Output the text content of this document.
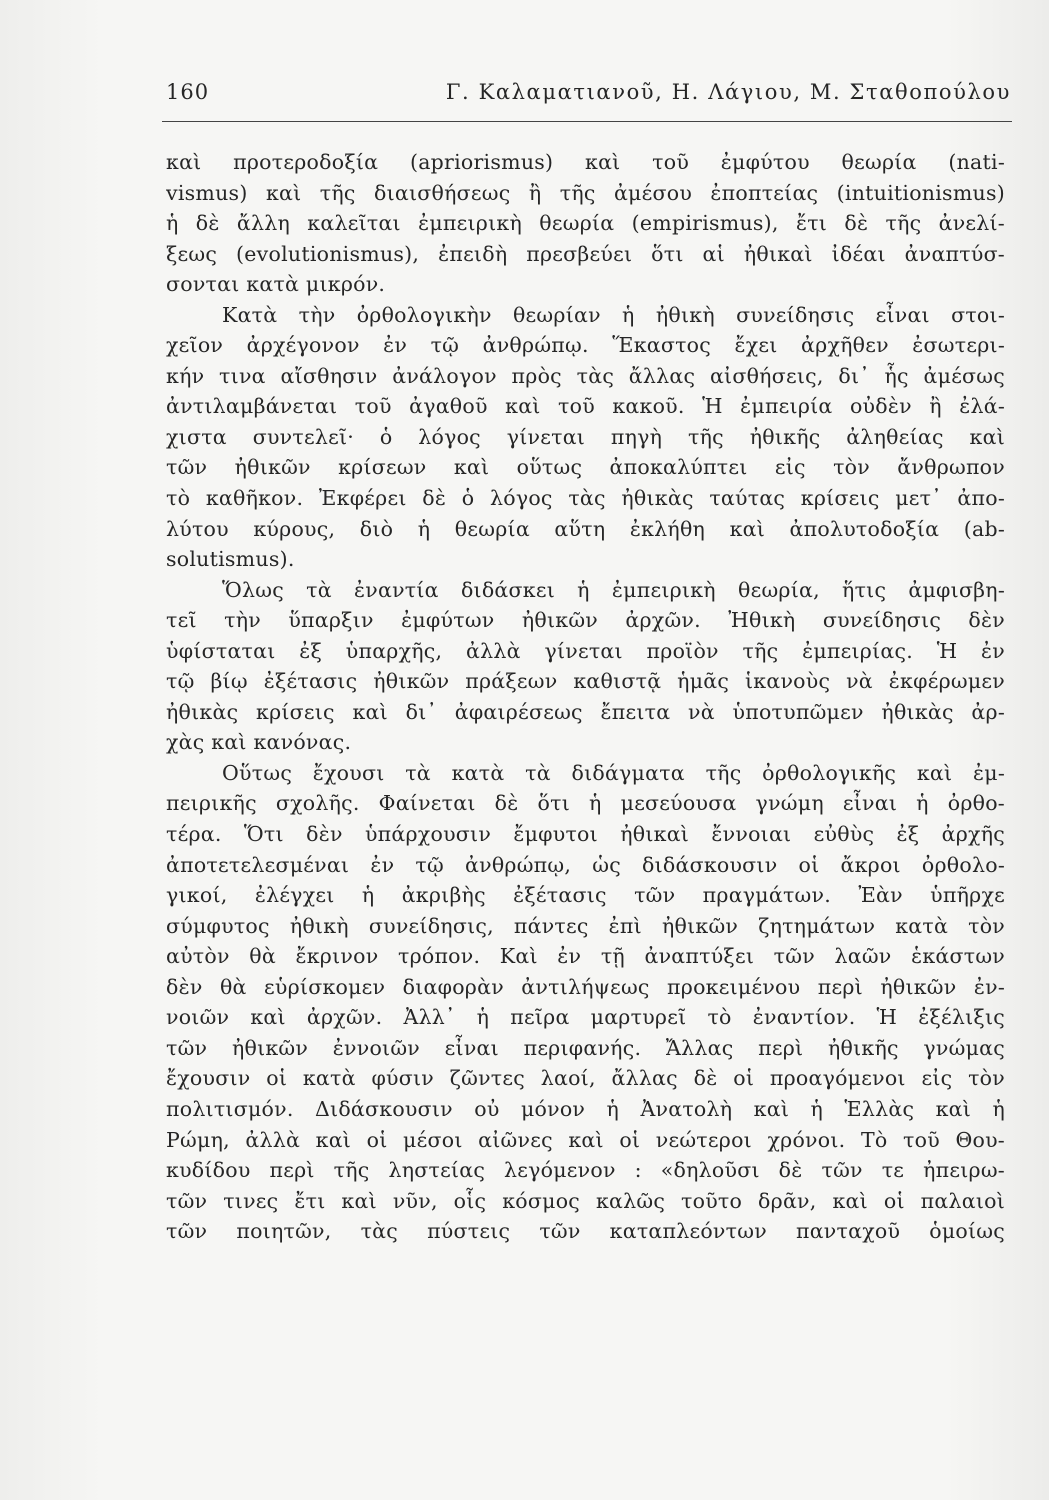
160	Γ. Καλαματιανοῦ, Η. Λάγιου, Μ. Σταθοπούλου
καὶ προτεροδοξία (apriorismus) καὶ τοῦ ἐμφύτου θεωρία (nati-
vismus) καὶ τῆς διαισθήσεως ἢ τῆς ἀμέσου ἐποπτείας (intuitionismus)
ἡ δὲ ἄλλη καλεῖται ἐμπειρικὴ θεωρία (empirismus), ἔτι δὲ τῆς ἀνελί-
ξεως (evolutionismus), ἐπειδὴ πρεσβεύει ὅτι αἱ ἠθικαὶ ἰδέαι ἀναπτύσ-
σονται κατὰ μικρόν.
Κατὰ τὴν ὀρθολογικὴν θεωρίαν ἡ ἠθικὴ συνείδησις εἶναι στοι-
χεῖον ἀρχέγονον ἐν τῷ ἀνθρώπῳ. Ἕκαστος ἔχει ἀρχῆθεν ἐσωτερι-
κήν τινα αἴσθησιν ἀνάλογον πρὸς τὰς ἄλλας αἰσθήσεις, δι᾽ ἧς ἀμέσως
ἀντιλαμβάνεται τοῦ ἀγαθοῦ καὶ τοῦ κακοῦ. Ἡ ἐμπειρία οὐδὲν ἢ ἐλά-
χιστα συντελεῖ· ὁ λόγος γίνεται πηγὴ τῆς ἠθικῆς ἀληθείας καὶ
τῶν ἠθικῶν κρίσεων καὶ οὕτως ἀποκαλύπτει εἰς τὸν ἄνθρωπον
τὸ καθῆκον. Ἐκφέρει δὲ ὁ λόγος τὰς ἠθικὰς ταύτας κρίσεις μετ᾽ ἀπο-
λύτου κύρους, διὸ ἡ θεωρία αὕτη ἐκλήθη καὶ ἀπολυτοδοξία (ab-
solutismus).
Ὅλως τὰ ἐναντία διδάσκει ἡ ἐμπειρικὴ θεωρία, ἥτις ἀμφισβη-
τεῖ τὴν ὕπαρξιν ἐμφύτων ἠθικῶν ἀρχῶν. Ἠθικὴ συνείδησις δὲν
ὑφίσταται ἐξ ὑπαρχῆς, ἀλλὰ γίνεται προϊὸν τῆς ἐμπειρίας. Ἡ ἐν
τῷ βίῳ ἐξέτασις ἠθικῶν πράξεων καθιστᾷ ἡμᾶς ἱκανοὺς νὰ ἐκφέρωμεν
ἠθικὰς κρίσεις καὶ δι᾽ ἀφαιρέσεως ἔπειτα νὰ ὑποτυπῶμεν ἠθικὰς ἀρ-
χὰς καὶ κανόνας.
Οὕτως ἔχουσι τὰ κατὰ τὰ διδάγματα τῆς ὀρθολογικῆς καὶ ἐμ-
πειρικῆς σχολῆς. Φαίνεται δὲ ὅτι ἡ μεσεύουσα γνώμη εἶναι ἡ ὀρθο-
τέρα. Ὅτι δὲν ὑπάρχουσιν ἔμφυτοι ἠθικαὶ ἔννοιαι εὐθὺς ἐξ ἀρχῆς
ἀποτετελεσμέναι ἐν τῷ ἀνθρώπῳ, ὡς διδάσκουσιν οἱ ἄκροι ὀρθολο-
γικοί, ἐλέγχει ἡ ἀκριβὴς ἐξέτασις τῶν πραγμάτων. Ἐὰν ὑπῆρχε
σύμφυτος ἠθικὴ συνείδησις, πάντες ἐπὶ ἠθικῶν ζητημάτων κατὰ τὸν
αὐτὸν θὰ ἔκρινον τρόπον. Καὶ ἐν τῇ ἀναπτύξει τῶν λαῶν ἑκάστων
δὲν θὰ εὑρίσκομεν διαφορὰν ἀντιλήψεως προκειμένου περὶ ἠθικῶν ἐν-
νοιῶν καὶ ἀρχῶν. Ἀλλ᾽ ἡ πεῖρα μαρτυρεῖ τὸ ἐναντίον. Ἡ ἐξέλιξις
τῶν ἠθικῶν ἐννοιῶν εἶναι περιφανής. Ἄλλας περὶ ἠθικῆς γνώμας
ἔχουσιν οἱ κατὰ φύσιν ζῶντες λαοί, ἄλλας δὲ οἱ προαγόμενοι εἰς τὸν
πολιτισμόν. Διδάσκουσιν οὐ μόνον ἡ Ἀνατολὴ καὶ ἡ Ἑλλὰς καὶ ἡ
Ρώμη, ἀλλὰ καὶ οἱ μέσοι αἰῶνες καὶ οἱ νεώτεροι χρόνοι. Τὸ τοῦ Θου-
κυδίδου περὶ τῆς ληστείας λεγόμενον : «δηλοῦσι δὲ τῶν τε ἠπειρω-
τῶν τινες ἔτι καὶ νῦν, οἷς κόσμος καλῶς τοῦτο δρᾶν, καὶ οἱ παλαιοὶ
τῶν ποιητῶν, τὰς πύστεις τῶν καταπλεόντων πανταχοῦ ὁμοίως
